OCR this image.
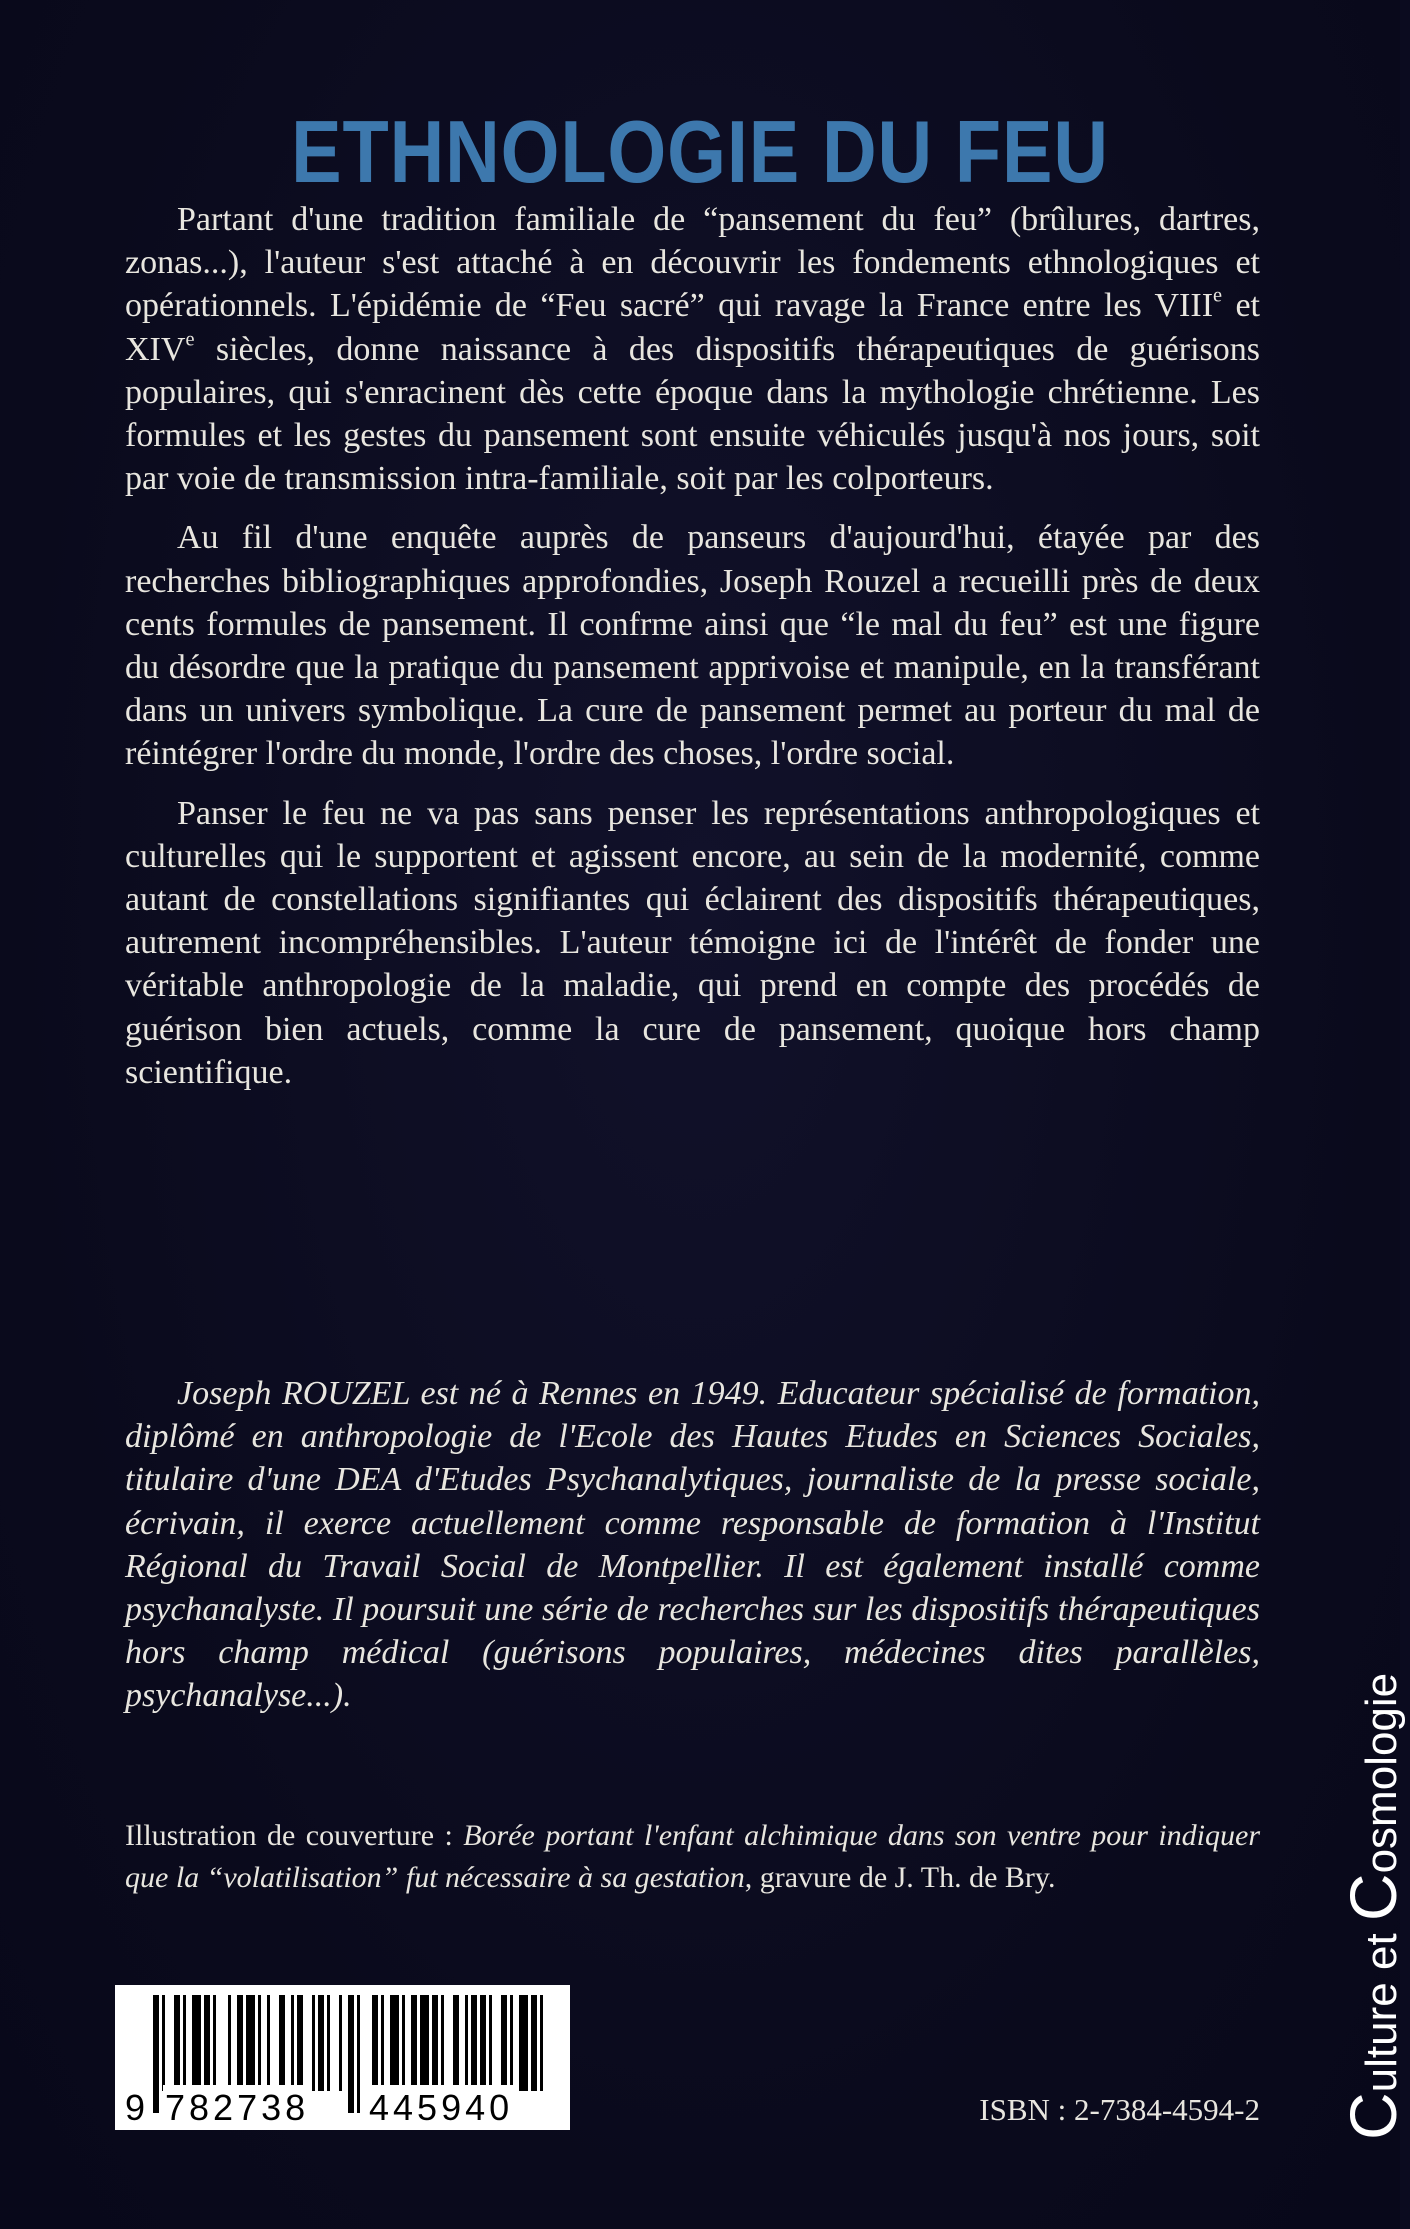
ETHNOLOGIE DU FEU

Partant d'une tradition familiale de “pansement du feu” (brûlures, dartres, zonas...), l'auteur s'est attaché à en découvrir les fondements ethnologiques et opérationnels. L'épidémie de “Feu sacré” qui ravage la France entre les VIIIe et XIVe siècles, donne naissance à des dispositifs thérapeutiques de guérisons populaires, qui s'enracinent dès cette époque dans la mythologie chrétienne. Les formules et les gestes du pansement sont ensuite véhiculés jusqu'à nos jours, soit par voie de transmission intra-familiale, soit par les colporteurs.

Au fil d'une enquête auprès de panseurs d'aujourd'hui, étayée par des recherches bibliographiques approfondies, Joseph Rouzel a recueilli près de deux cents formules de pansement. Il confrme ainsi que “le mal du feu” est une figure du désordre que la pratique du pansement apprivoise et manipule, en la transférant dans un univers symbolique. La cure de pansement permet au porteur du mal de réintégrer l'ordre du monde, l'ordre des choses, l'ordre social.

Panser le feu ne va pas sans penser les représentations anthropologiques et culturelles qui le supportent et agissent encore, au sein de la modernité, comme autant de constellations signifiantes qui éclairent des dispositifs thérapeutiques, autrement incompréhensibles. L'auteur témoigne ici de l'intérêt de fonder une véritable anthropologie de la maladie, qui prend en compte des procédés de guérison bien actuels, comme la cure de pansement, quoique hors champ scientifique.

Joseph ROUZEL est né à Rennes en 1949. Educateur spécialisé de formation, diplômé en anthropologie de l'Ecole des Hautes Etudes en Sciences Sociales, titulaire d'une DEA d'Etudes Psychanalytiques, journaliste de la presse sociale, écrivain, il exerce actuellement comme responsable de formation à l'Institut Régional du Travail Social de Montpellier. Il est également installé comme psychanalyste. Il poursuit une série de recherches sur les dispositifs thérapeutiques hors champ médical (guérisons populaires, médecines dites parallèles, psychanalyse...).

Illustration de couverture : Borée portant l'enfant alchimique dans son ventre pour indiquer que la “volatilisation” fut nécessaire à sa gestation, gravure de J. Th. de Bry.

9 782738 445940	ISBN : 2-7384-4594-2 Culture et Cosmologie
